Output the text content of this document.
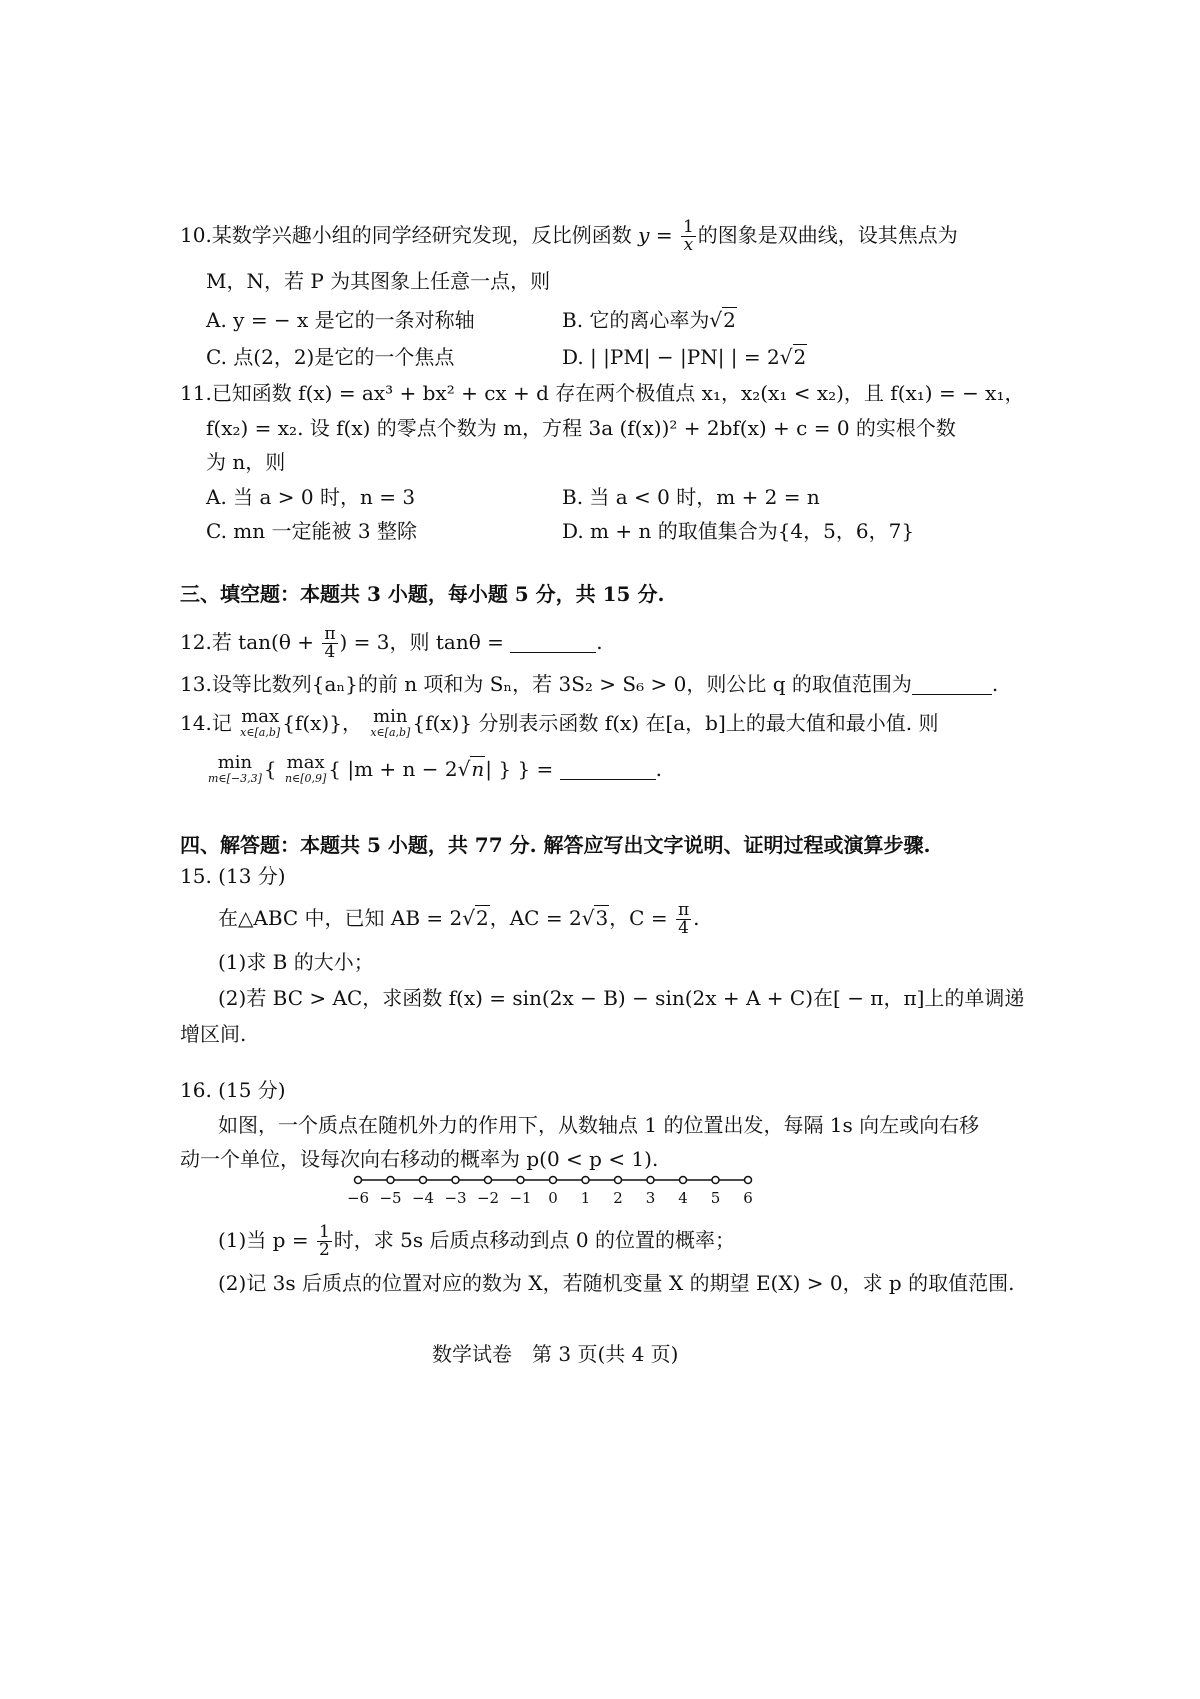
10.某数学兴趣小组的同学经研究发现，反比例函数 $y = \frac{1}{x}$ 的图象是双曲线，设其焦点为
M，N，若 P 为其图象上任意一点，则
A. y = − x 是它的一条对称轴	B. 它的离心率为√2
C. 点(2，2)是它的一个焦点	D. | |PM| − |PN| | = 2√2
11.已知函数 f(x) = ax³ + bx² + cx + d 存在两个极值点 x₁，x₂(x₁ < x₂)，且 f(x₁) = − x₁，
f(x₂) = x₂. 设 f(x) 的零点个数为 m，方程 3a (f(x))² + 2bf(x) + c = 0 的实根个数
为 n，则
A. 当 a > 0 时，n = 3	B. 当 a < 0 时，m + 2 = n
C. mn 一定能被 3 整除	D. m + n 的取值集合为{4，5，6，7}
三、填空题：本题共 3 小题，每小题 5 分，共 15 分.
12.若 $\tan(\theta + \frac{\pi}{4}$ ) = 3，则 tanθ =	.
13.设等比数列{aₙ}的前 n 项和为 Sₙ，若 3S₂ > S₆ > 0，则公比 q 的取值范围为	.
14.记 max
x∈[a,b] {f(x)}， min
x∈[a,b] {f(x)} 分别表示函数 f(x) 在[a，b]上的最大值和最小值. 则
min
m∈[−3,3] { max
n∈[0,9] { |m + n − 2√n| } } =	.
四、解答题：本题共 5 小题，共 77 分. 解答应写出文字说明、证明过程或演算步骤.
15. (13 分)
在△ABC 中，已知 AB = 2√2，AC = 2√3，$C = \frac{\pi}{4}$ .
(1)求 B 的大小；
(2)若 BC > AC，求函数 f(x) = sin(2x − B) − sin(2x + A + C)在[ − π，π]上的单调递
增区间.
16. (15 分)
如图，一个质点在随机外力的作用下，从数轴点 1 的位置出发，每隔 1s 向左或向右移
动一个单位，设每次向右移动的概率为 p(0 < p < 1).
−6 −5 −4 −3 −2 −1 0 1 2 3 4 5 6
(1)当 $p = \frac{1}{2}$ 时，求 5s 后质点移动到点 0 的位置的概率；
(2)记 3s 后质点的位置对应的数为 X，若随机变量 X 的期望 E(X) > 0，求 p 的取值范围.
数学试卷　第 3 页(共 4 页)
